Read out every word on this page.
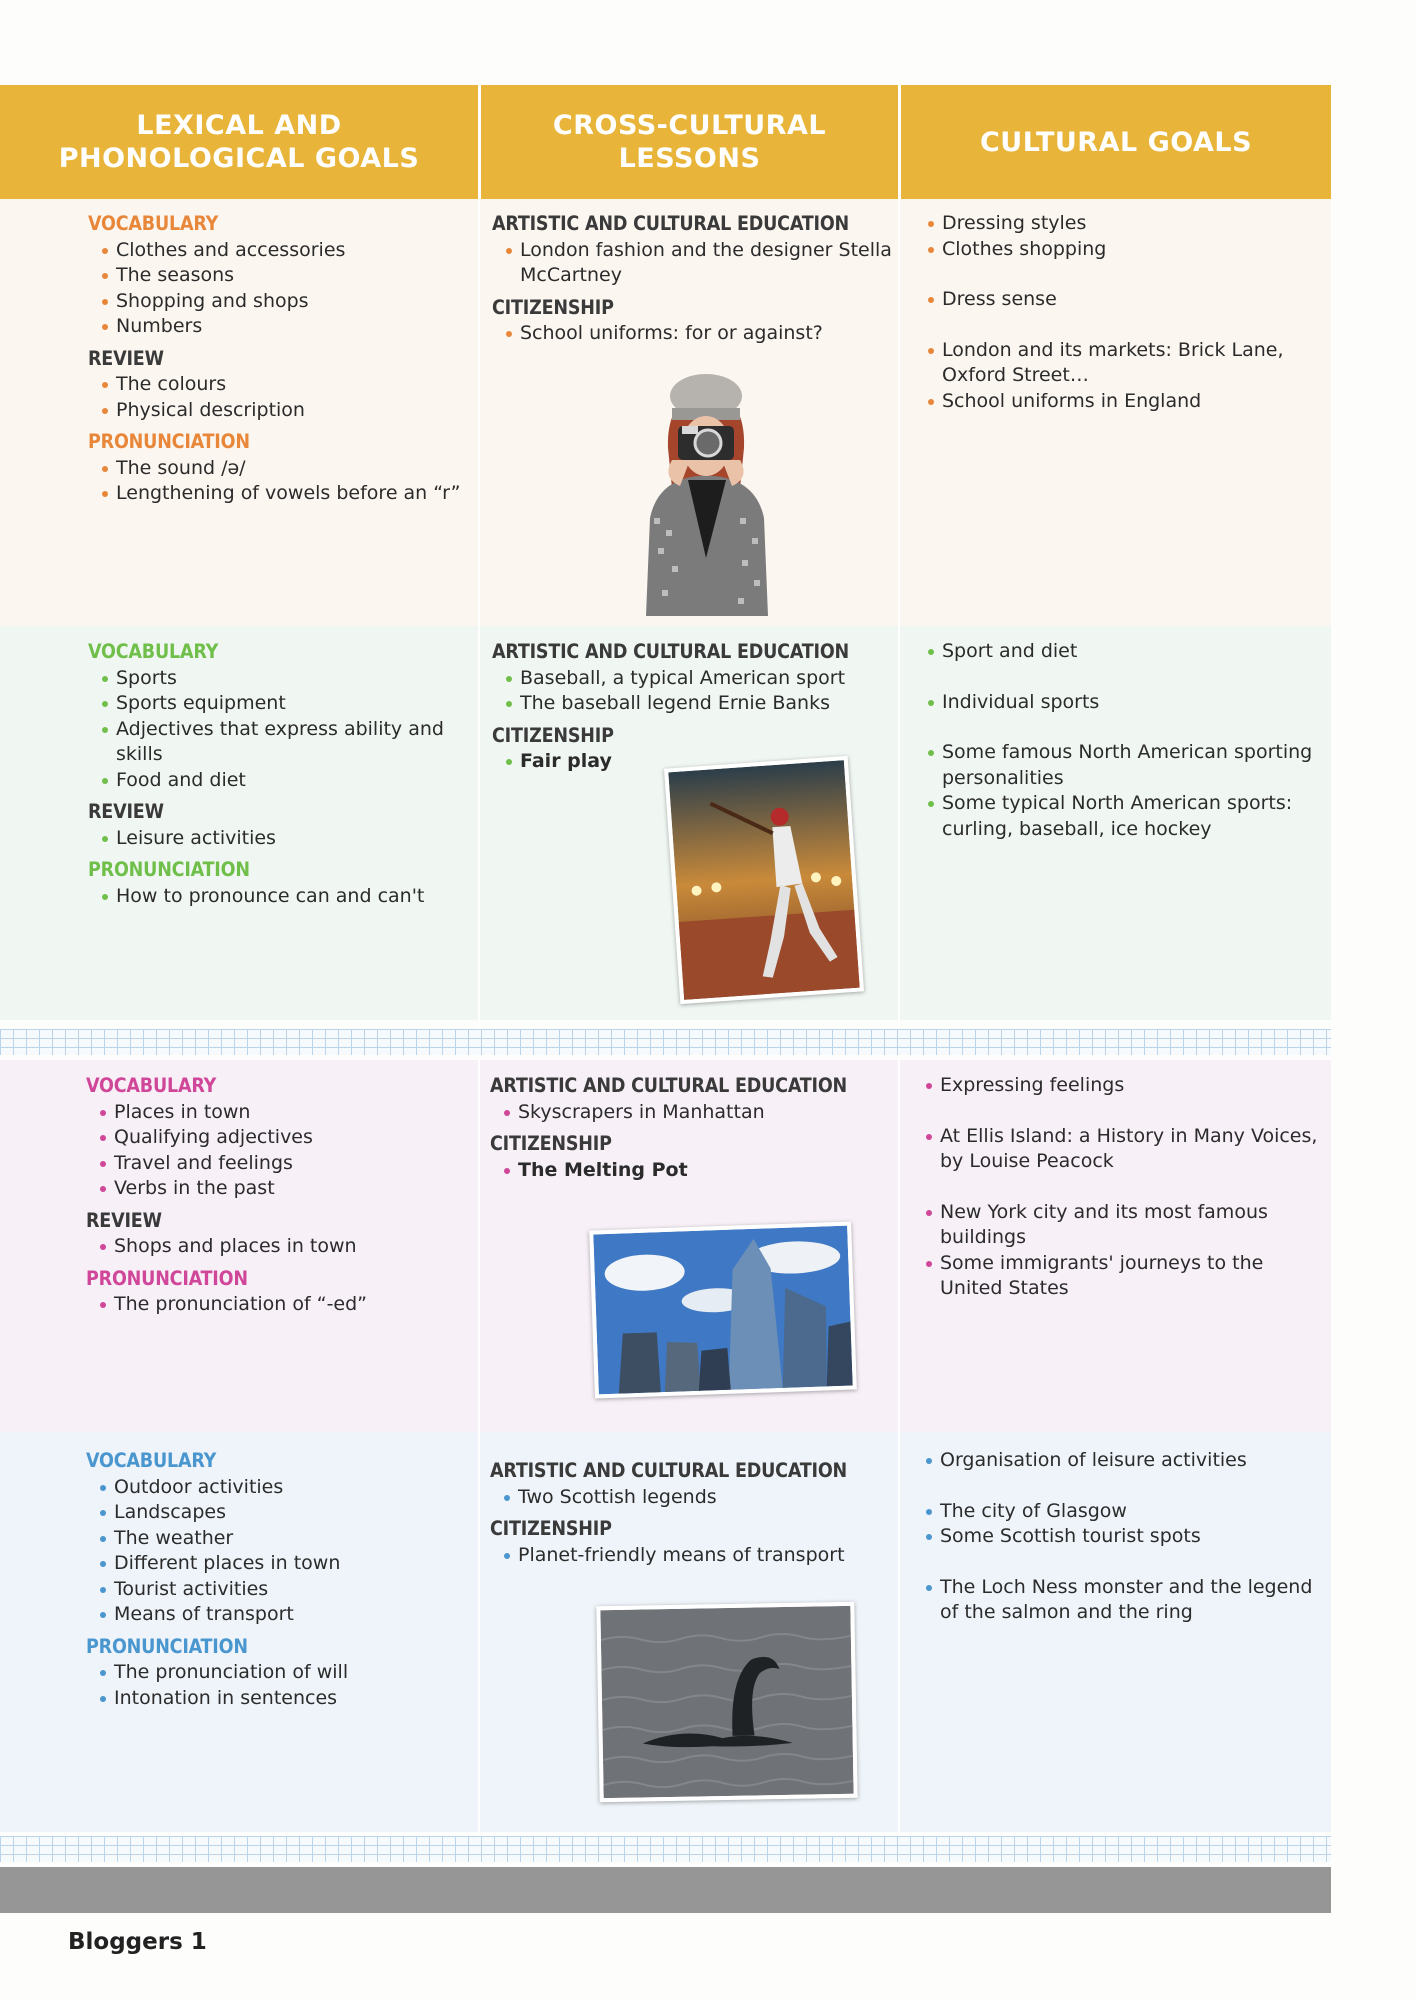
LEXICAL AND
PHONOLOGICAL GOALS
CROSS-CULTURAL
LESSONS
CULTURAL GOALS
VOCABULARY
Clothes and accessories
The seasons
Shopping and shops
Numbers
REVIEW
The colours
Physical description
PRONUNCIATION
The sound /ə/
Lengthening of vowels before an “r”
ARTISTIC AND CULTURAL EDUCATION
London fashion and the designer Stella McCartney
CITIZENSHIP
School uniforms: for or against?
Dressing styles
Clothes shopping
Dress sense
London and its markets: Brick Lane, Oxford Street…
School uniforms in England
VOCABULARY
Sports
Sports equipment
Adjectives that express ability and skills
Food and diet
REVIEW
Leisure activities
PRONUNCIATION
How to pronounce can and can't
ARTISTIC AND CULTURAL EDUCATION
Baseball, a typical American sport
The baseball legend Ernie Banks
CITIZENSHIP
Fair play
Sport and diet
Individual sports
Some famous North American sporting personalities
Some typical North American sports: curling, baseball, ice hockey
VOCABULARY
Places in town
Qualifying adjectives
Travel and feelings
Verbs in the past
REVIEW
Shops and places in town
PRONUNCIATION
The pronunciation of “-ed”
ARTISTIC AND CULTURAL EDUCATION
Skyscrapers in Manhattan
CITIZENSHIP
The Melting Pot
Expressing feelings
At Ellis Island: a History in Many Voices, by Louise Peacock
New York city and its most famous buildings
Some immigrants' journeys to the United States
VOCABULARY
Outdoor activities
Landscapes
The weather
Different places in town
Tourist activities
Means of transport
PRONUNCIATION
The pronunciation of will
Intonation in sentences
ARTISTIC AND CULTURAL EDUCATION
Two Scottish legends
CITIZENSHIP
Planet-friendly means of transport
Organisation of leisure activities
The city of Glasgow
Some Scottish tourist spots
The Loch Ness monster and the legend of the salmon and the ring
Bloggers 1
